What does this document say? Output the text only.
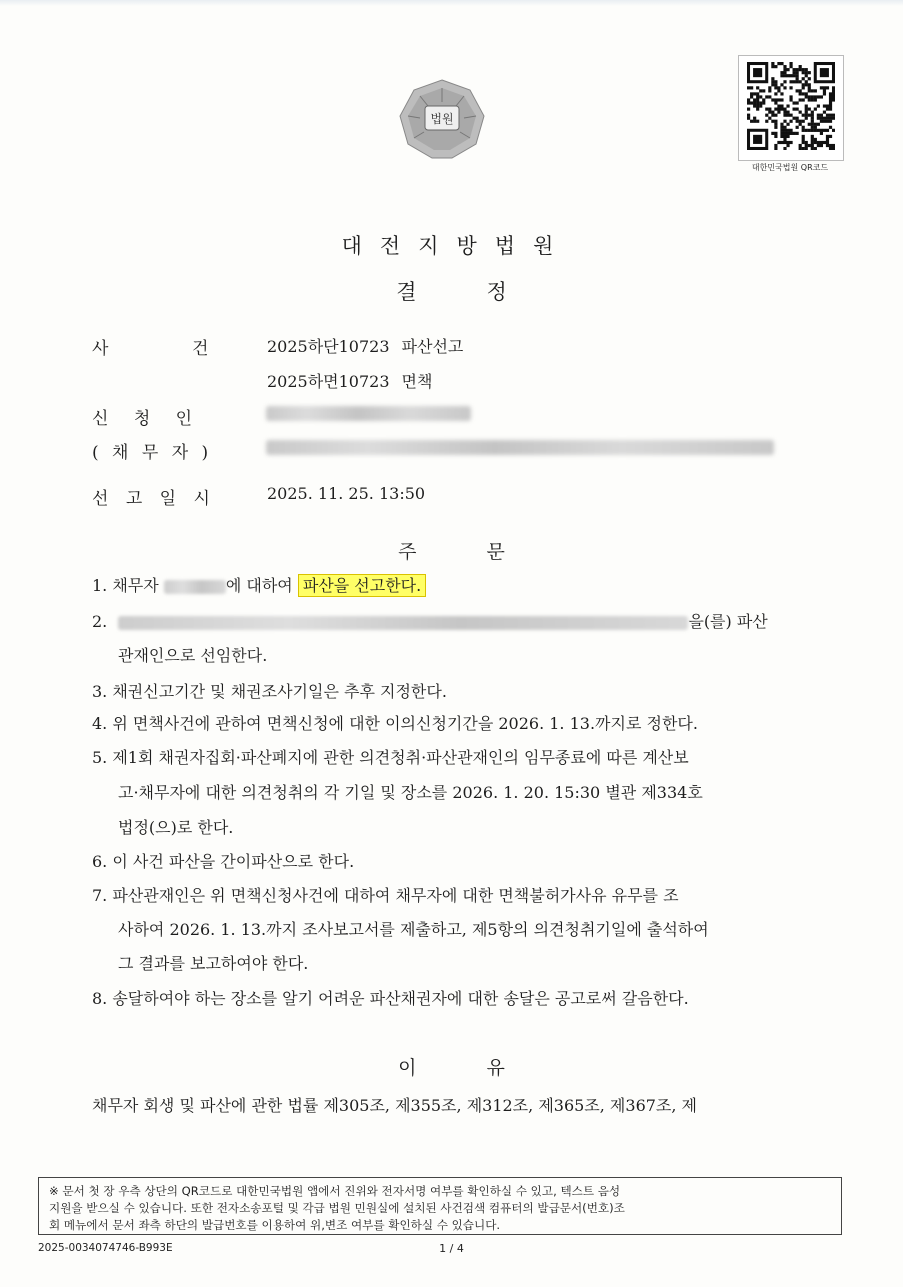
법원
대한민국법원 QR코드
대전지방법원
결	정
사	건	2025하단10723 파산선고
2025하면10723 면책
신 청 인
( 채 무 자 )
선 고 일 시	2025. 11. 25. 13:50
주	문
1. 채무자	에 대하여 파산을 선고한다.
2.	을(를) 파산
관재인으로 선임한다.
3. 채권신고기간 및 채권조사기일은 추후 지정한다.
4. 위 면책사건에 관하여 면책신청에 대한 이의신청기간을 2026. 1. 13.까지로 정한다.
5. 제1회 채권자집회·파산폐지에 관한 의견청취·파산관재인의 임무종료에 따른 계산보
고·채무자에 대한 의견청취의 각 기일 및 장소를 2026. 1. 20. 15:30 별관 제334호
법정(으)로 한다.
6. 이 사건 파산을 간이파산으로 한다.
7. 파산관재인은 위 면책신청사건에 대하여 채무자에 대한 면책불허가사유 유무를 조
사하여 2026. 1. 13.까지 조사보고서를 제출하고, 제5항의 의견청취기일에 출석하여
그 결과를 보고하여야 한다.
8. 송달하여야 하는 장소를 알기 어려운 파산채권자에 대한 송달은 공고로써 갈음한다.
이	유
채무자 회생 및 파산에 관한 법률 제305조, 제355조, 제312조, 제365조, 제367조, 제
※ 문서 첫 장 우측 상단의 QR코드로 대한민국법원 앱에서 진위와 전자서명 여부를 확인하실 수 있고, 텍스트 음성
지원을 받으실 수 있습니다. 또한 전자소송포털 및 각급 법원 민원실에 설치된 사건검색 컴퓨터의 발급문서(번호)조
회 메뉴에서 문서 좌측 하단의 발급번호를 이용하여 위,변조 여부를 확인하실 수 있습니다.
2025-0034074746-B993E	1 / 4
